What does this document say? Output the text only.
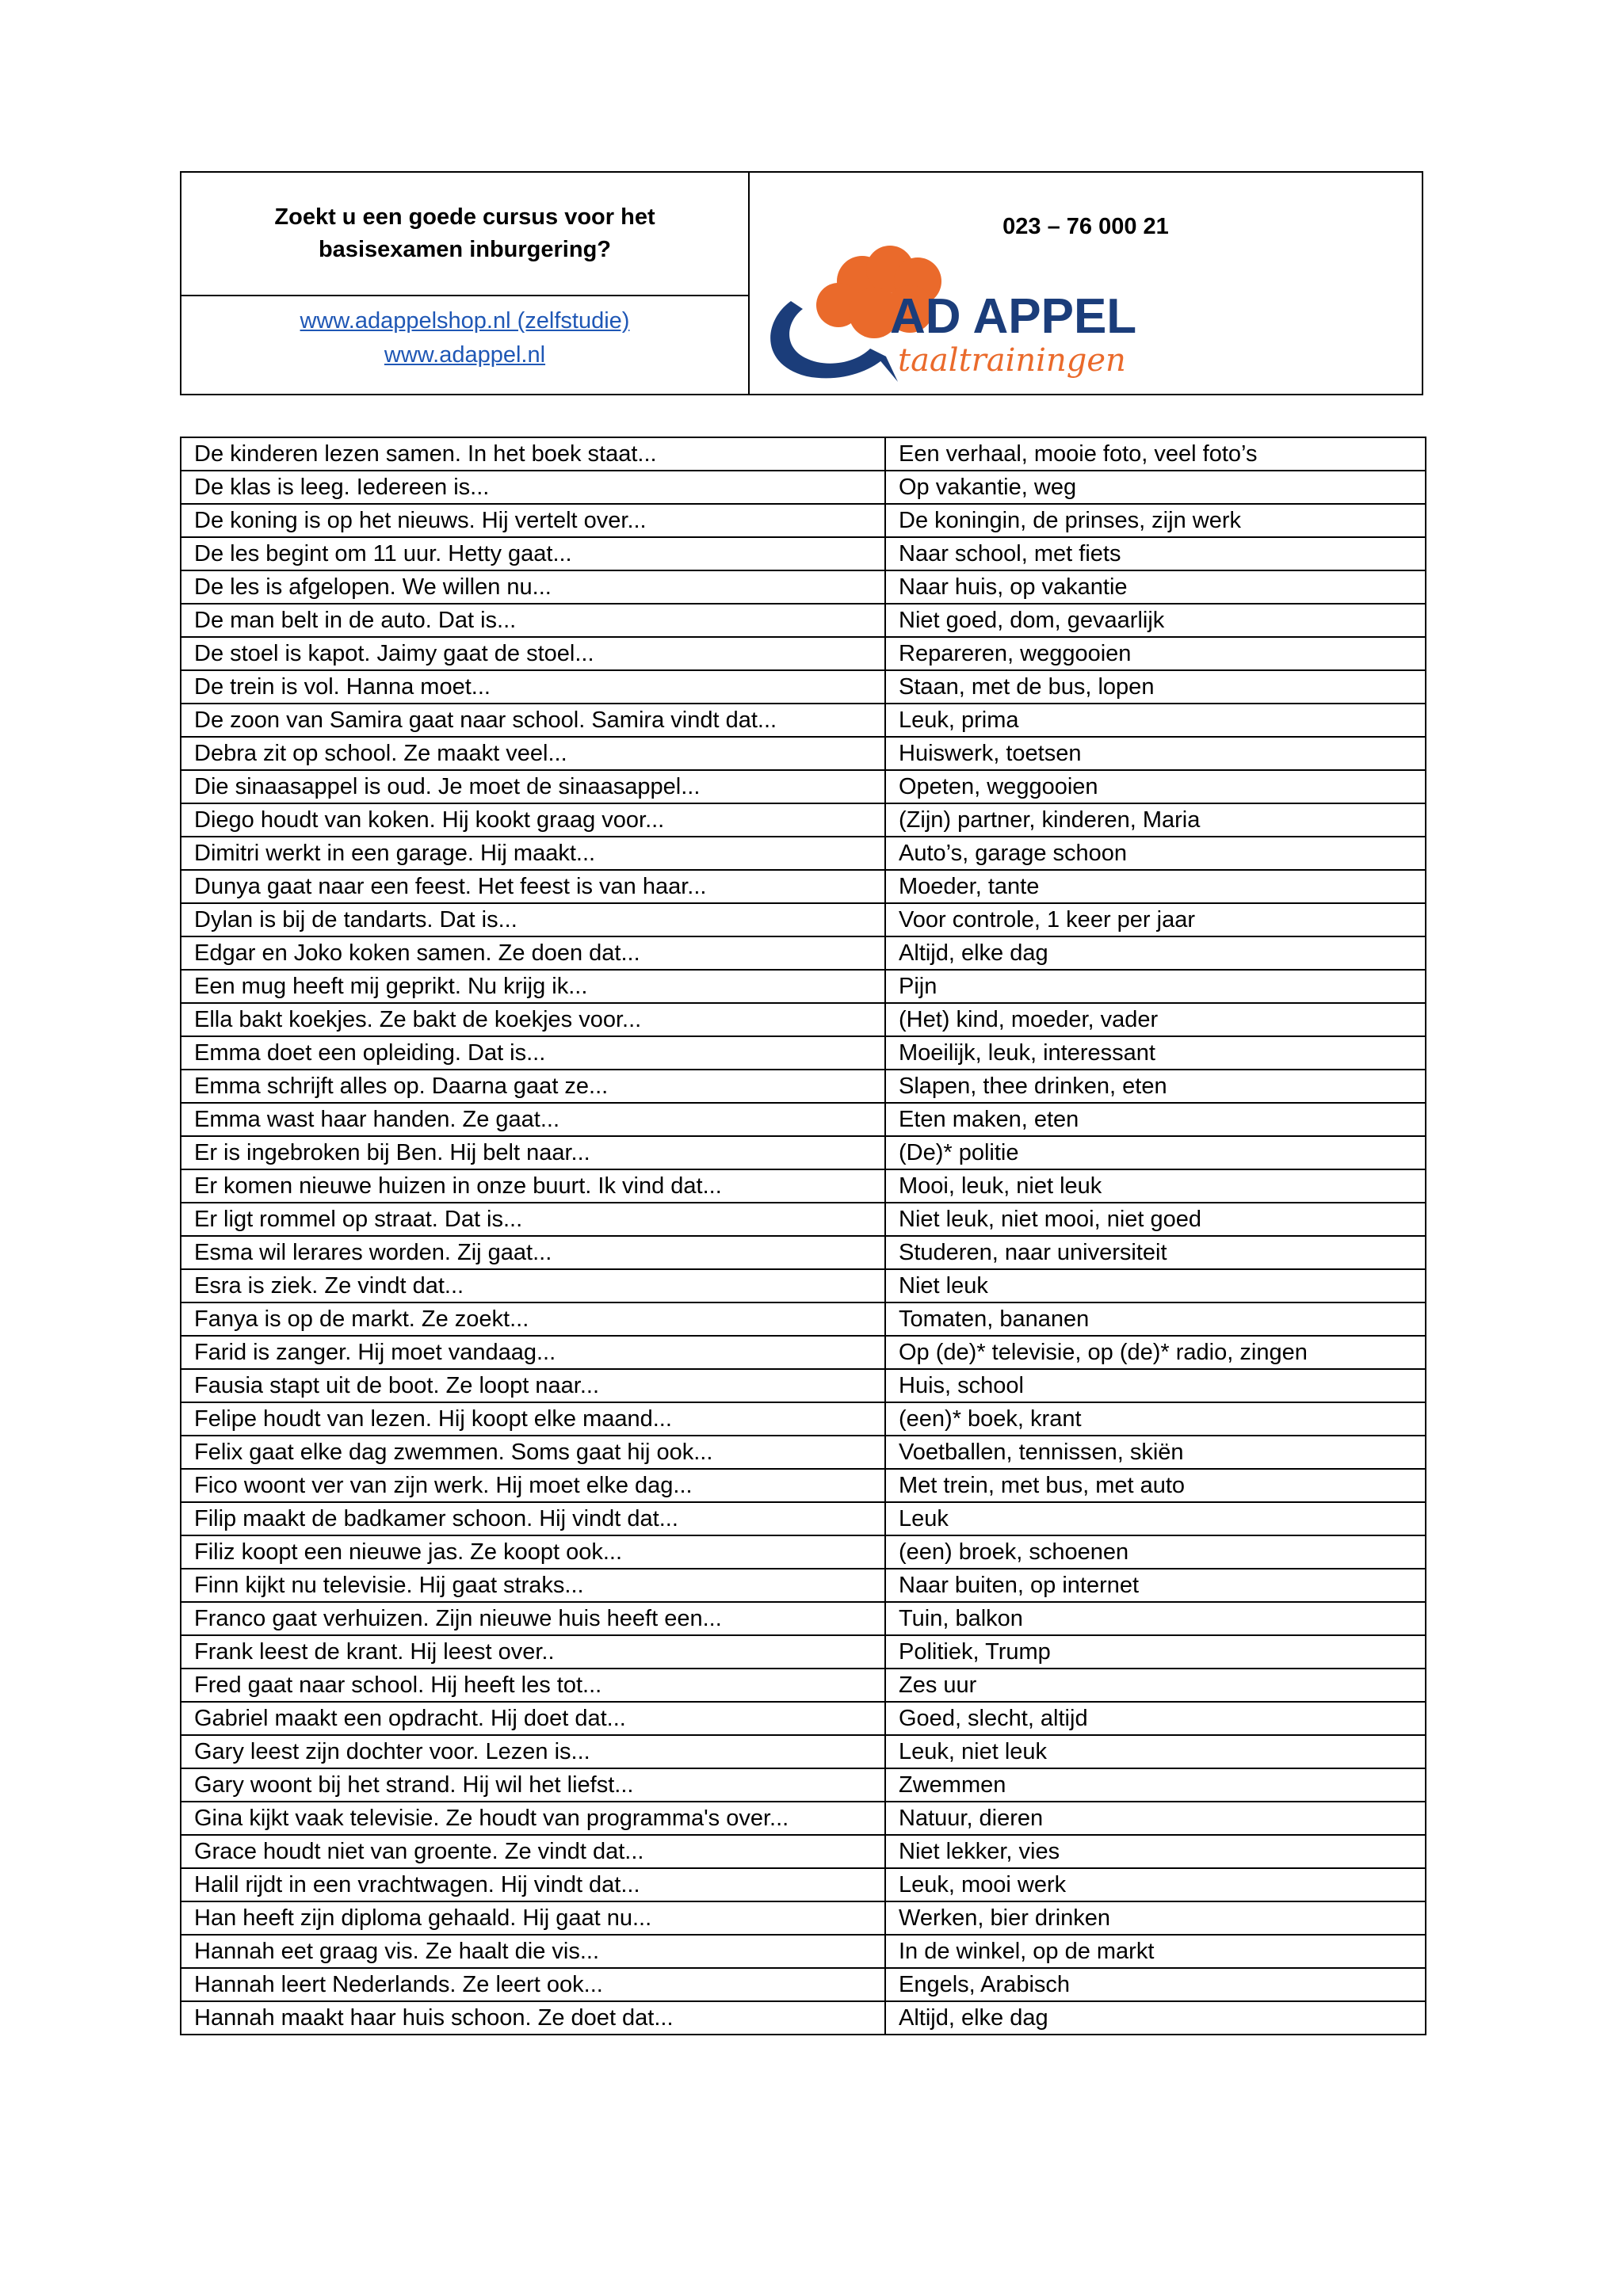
Zoekt u een goede cursus voor het
basisexamen inburgering?
www.adappelshop.nl (zelfstudie)
www.adappel.nl
023 – 76 000 21
AD APPEL
taaltrainingen
De kinderen lezen samen. In het boek staat...	Een verhaal, mooie foto, veel foto’s
De klas is leeg. Iedereen is...	Op vakantie, weg
De koning is op het nieuws. Hij vertelt over...	De koningin, de prinses, zijn werk
De les begint om 11 uur. Hetty gaat...	Naar school, met fiets
De les is afgelopen. We willen nu...	Naar huis, op vakantie
De man belt in de auto. Dat is...	Niet goed, dom, gevaarlijk
De stoel is kapot. Jaimy gaat de stoel...	Repareren, weggooien
De trein is vol. Hanna moet...	Staan, met de bus, lopen
De zoon van Samira gaat naar school. Samira vindt dat...	Leuk, prima
Debra zit op school. Ze maakt veel...	Huiswerk, toetsen
Die sinaasappel is oud. Je moet de sinaasappel...	Opeten, weggooien
Diego houdt van koken. Hij kookt graag voor...	(Zijn) partner, kinderen, Maria
Dimitri werkt in een garage. Hij maakt...	Auto’s, garage schoon
Dunya gaat naar een feest. Het feest is van haar...	Moeder, tante
Dylan is bij de tandarts. Dat is...	Voor controle, 1 keer per jaar
Edgar en Joko koken samen. Ze doen dat...	Altijd, elke dag
Een mug heeft mij geprikt. Nu krijg ik...	Pijn
Ella bakt koekjes. Ze bakt de koekjes voor...	(Het) kind, moeder, vader
Emma doet een opleiding. Dat is...	Moeilijk, leuk, interessant
Emma schrijft alles op. Daarna gaat ze...	Slapen, thee drinken, eten
Emma wast haar handen. Ze gaat...	Eten maken, eten
Er is ingebroken bij Ben. Hij belt naar...	(De)* politie
Er komen nieuwe huizen in onze buurt. Ik vind dat...	Mooi, leuk, niet leuk
Er ligt rommel op straat. Dat is...	Niet leuk, niet mooi, niet goed
Esma wil lerares worden. Zij gaat...	Studeren, naar universiteit
Esra is ziek. Ze vindt dat...	Niet leuk
Fanya is op de markt. Ze zoekt...	Tomaten, bananen
Farid is zanger. Hij moet vandaag...	Op (de)* televisie, op (de)* radio, zingen
Fausia stapt uit de boot. Ze loopt naar...	Huis, school
Felipe houdt van lezen. Hij koopt elke maand...	(een)* boek, krant
Felix gaat elke dag zwemmen. Soms gaat hij ook...	Voetballen, tennissen, skiën
Fico woont ver van zijn werk. Hij moet elke dag...	Met trein, met bus, met auto
Filip maakt de badkamer schoon. Hij vindt dat...	Leuk
Filiz koopt een nieuwe jas. Ze koopt ook...	(een) broek, schoenen
Finn kijkt nu televisie. Hij gaat straks...	Naar buiten, op internet
Franco gaat verhuizen. Zijn nieuwe huis heeft een...	Tuin, balkon
Frank leest de krant. Hij leest over..	Politiek, Trump
Fred gaat naar school. Hij heeft les tot...	Zes uur
Gabriel maakt een opdracht. Hij doet dat...	Goed, slecht, altijd
Gary leest zijn dochter voor. Lezen is...	Leuk, niet leuk
Gary woont bij het strand. Hij wil het liefst...	Zwemmen
Gina kijkt vaak televisie. Ze houdt van programma's over...	Natuur, dieren
Grace houdt niet van groente. Ze vindt dat...	Niet lekker, vies
Halil rijdt in een vrachtwagen. Hij vindt dat...	Leuk, mooi werk
Han heeft zijn diploma gehaald. Hij gaat nu...	Werken, bier drinken
Hannah eet graag vis. Ze haalt die vis...	In de winkel, op de markt
Hannah leert Nederlands. Ze leert ook...	Engels, Arabisch
Hannah maakt haar huis schoon. Ze doet dat...	Altijd, elke dag
